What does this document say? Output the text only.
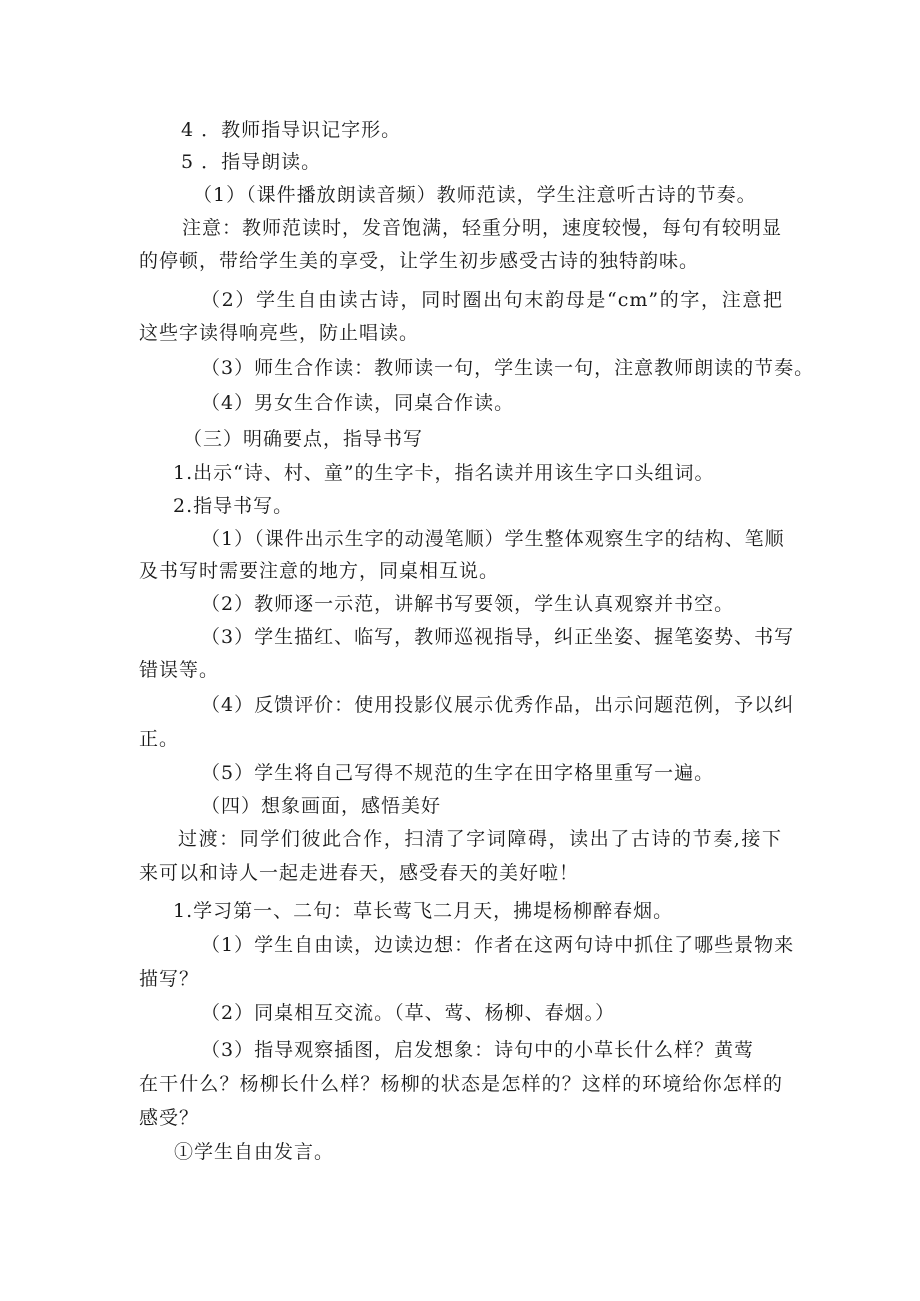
4 ．教师指导识记字形。
5 ．指导朗读。
（1）（课件播放朗读音频）教师范读，学生注意听古诗的节奏。
注意：教师范读时，发音饱满，轻重分明，速度较慢，每句有较明显
的停顿，带给学生美的享受，让学生初步感受古诗的独特韵味。
（2）学生自由读古诗，同时圈出句末韵母是“cm”的字，注意把
这些字读得响亮些，防止唱读。
（3）师生合作读：教师读一句，学生读一句，注意教师朗读的节奏。
（4）男女生合作读，同桌合作读。
（三）明确要点，指导书写
1.出示“诗、村、童”的生字卡，指名读并用该生字口头组词。
2.指导书写。
（1）（课件出示生字的动漫笔顺）学生整体观察生字的结构、笔顺
及书写时需要注意的地方，同桌相互说。
（2）教师逐一示范，讲解书写要领，学生认真观察并书空。
（3）学生描红、临写，教师巡视指导，纠正坐姿、握笔姿势、书写
错误等。
（4）反馈评价：使用投影仪展示优秀作品，出示问题范例，予以纠
正。
（5）学生将自己写得不规范的生字在田字格里重写一遍。
（四）想象画面，感悟美好
过渡：同学们彼此合作，扫清了字词障碍，读出了古诗的节奏,接下
来可以和诗人一起走进春天，感受春天的美好啦！
1.学习第一、二句：草长莺飞二月天，拂堤杨柳醉春烟。
（1）学生自由读，边读边想：作者在这两句诗中抓住了哪些景物来
描写？
（2）同桌相互交流。（草、莺、杨柳、春烟。）
（3）指导观察插图，启发想象：诗句中的小草长什么样？黄莺
在干什么？杨柳长什么样？杨柳的状态是怎样的？这样的环境给你怎样的
感受？
①学生自由发言。
